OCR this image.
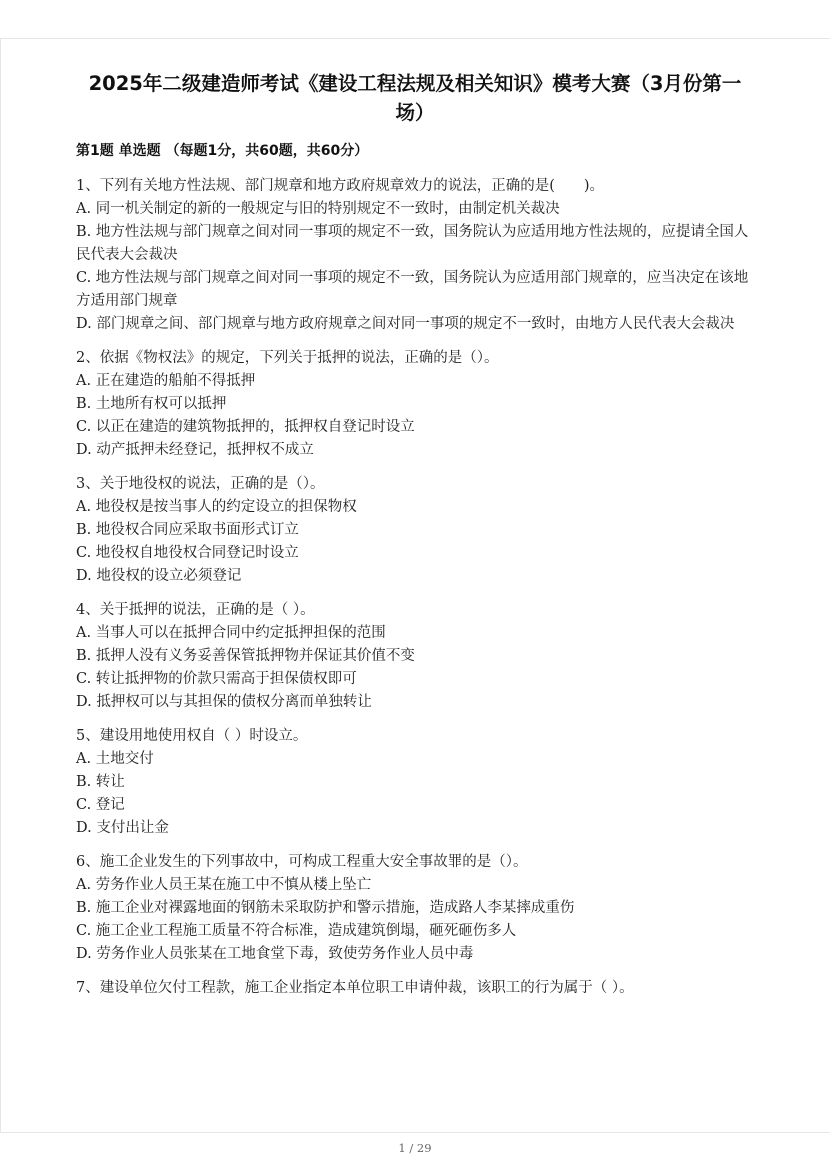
2025年二级建造师考试《建设工程法规及相关知识》模考大赛（3月份第一场）
第1题 单选题 （每题1分，共60题，共60分）

1、下列有关地方性法规、部门规章和地方政府规章效力的说法，正确的是(　　)。

A. 同一机关制定的新的一般规定与旧的特别规定不一致时，由制定机关裁决

B. 地方性法规与部门规章之间对同一事项的规定不一致，国务院认为应适用地方性法规的，应提请全国人民代表大会裁决

C. 地方性法规与部门规章之间对同一事项的规定不一致，国务院认为应适用部门规章的，应当决定在该地方适用部门规章

D. 部门规章之间、部门规章与地方政府规章之间对同一事项的规定不一致时，由地方人民代表大会裁决

2、依据《物权法》的规定，下列关于抵押的说法，正确的是（）。

A. 正在建造的船舶不得抵押

B. 土地所有权可以抵押

C. 以正在建造的建筑物抵押的，抵押权自登记时设立

D. 动产抵押未经登记，抵押权不成立

3、关于地役权的说法，正确的是（）。

A. 地役权是按当事人的约定设立的担保物权

B. 地役权合同应采取书面形式订立

C. 地役权自地役权合同登记时设立

D. 地役权的设立必须登记

4、关于抵押的说法，正确的是（ ）。

A. 当事人可以在抵押合同中约定抵押担保的范围

B. 抵押人没有义务妥善保管抵押物并保证其价值不变

C. 转让抵押物的价款只需高于担保债权即可

D. 抵押权可以与其担保的债权分离而单独转让

5、建设用地使用权自（ ）时设立。

A. 土地交付

B. 转让

C. 登记

D. 支付出让金

6、施工企业发生的下列事故中，可构成工程重大安全事故罪的是（）。

A. 劳务作业人员王某在施工中不慎从楼上坠亡

B. 施工企业对裸露地面的钢筋未采取防护和警示措施，造成路人李某摔成重伤

C. 施工企业工程施工质量不符合标准，造成建筑倒塌，砸死砸伤多人

D. 劳务作业人员张某在工地食堂下毒，致使劳务作业人员中毒

7、建设单位欠付工程款，施工企业指定本单位职工申请仲裁，该职工的行为属于（ ）。

1 / 29
